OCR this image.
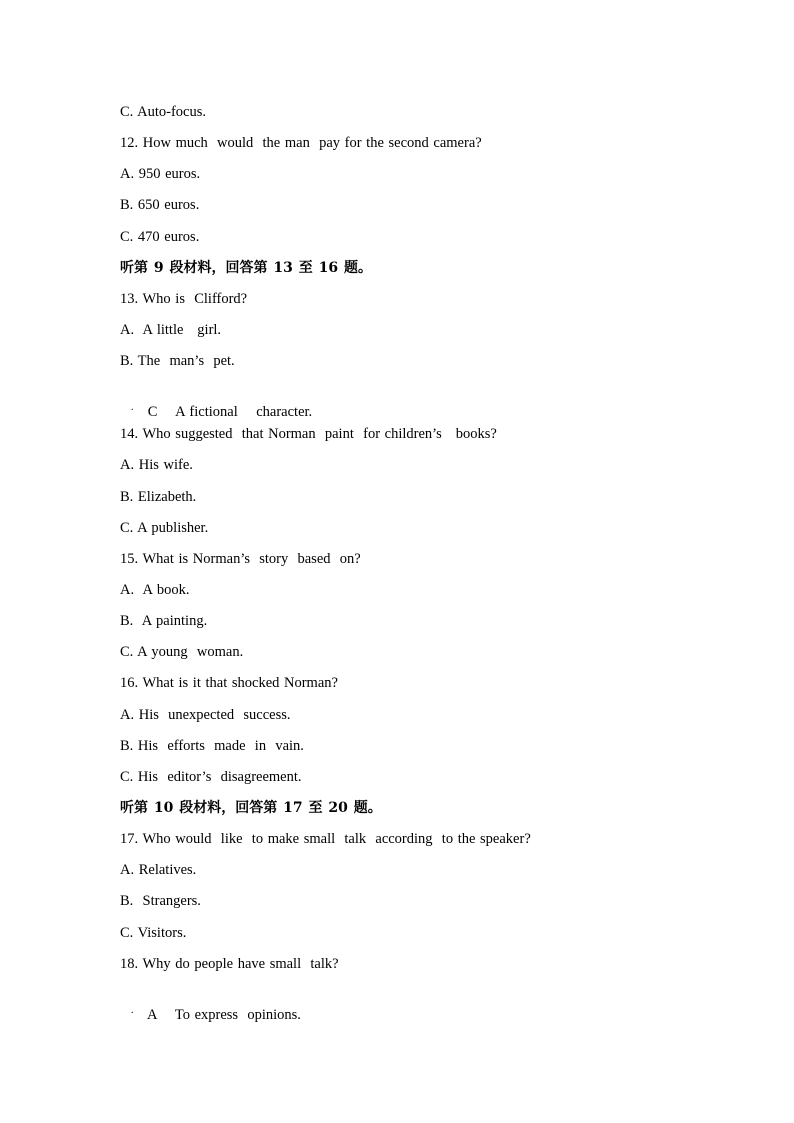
C. Auto-focus.
12. How much  would  the man  pay for the second camera?
A. 950 euros.
B. 650 euros.
C. 470 euros.
听第 9 段材料，回答第 13 至 16 题。
13. Who is  Clifford?
A.  A little   girl.
B. The  man’s  pet.

C    A fictional    character.

.

14. Who suggested  that Norman  paint  for children’s   books?
A. His wife.
B. Elizabeth.
C. A publisher.
15. What is Norman’s  story  based  on?
A.  A book.
B.  A painting.
C. A young  woman.
16. What is it that shocked Norman?
A. His  unexpected  success.
B. His  efforts  made  in  vain.
C. His  editor’s  disagreement.
听第 10 段材料，回答第 17 至 20 题。
17. Who would  like  to make small  talk  according  to the speaker?
A. Relatives.
B.  Strangers.
C. Visitors.
18. Why do people have small  talk?

A    To express  opinions.

.
